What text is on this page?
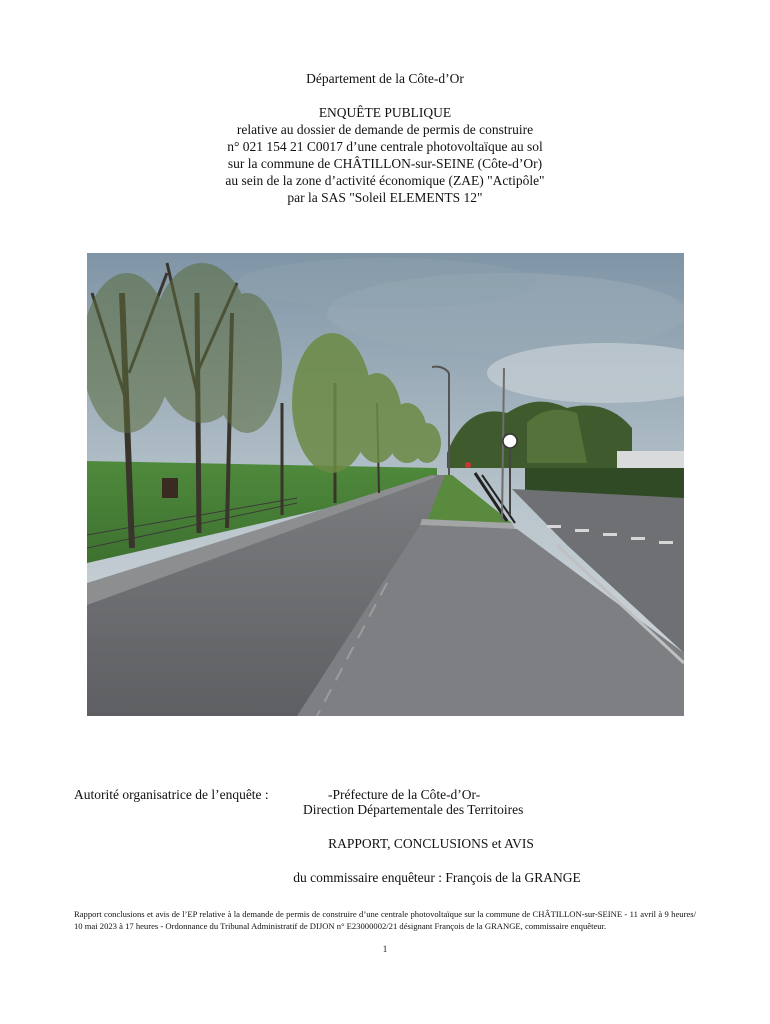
Département de la Côte-d’Or
ENQUÊTE PUBLIQUE
relative au dossier de demande de permis de construire
n° 021 154 21 C0017 d’une centrale photovoltaïque au sol
sur la commune de CHÂTILLON-sur-SEINE (Côte-d’Or)
au sein de la zone d’activité économique (ZAE) "Actipôle"
par la SAS "Soleil ELEMENTS 12"
Autorité organisatrice de l’enquête :	-Préfecture de la Côte-d’Or-
Direction Départementale des Territoires
RAPPORT, CONCLUSIONS et AVIS
du commissaire enquêteur : François de la GRANGE
Rapport conclusions et avis de l’EP relative à la demande de permis de construire d’une centrale photovoltaïque sur la commune de CHÂTILLON-sur-SEINE - 11 avril à 9 heures/ 10 mai 2023 à 17 heures - Ordonnance du Tribunal Administratif de DIJON n° E23000002/21 désignant François de la GRANGE, commissaire enquêteur.
1
